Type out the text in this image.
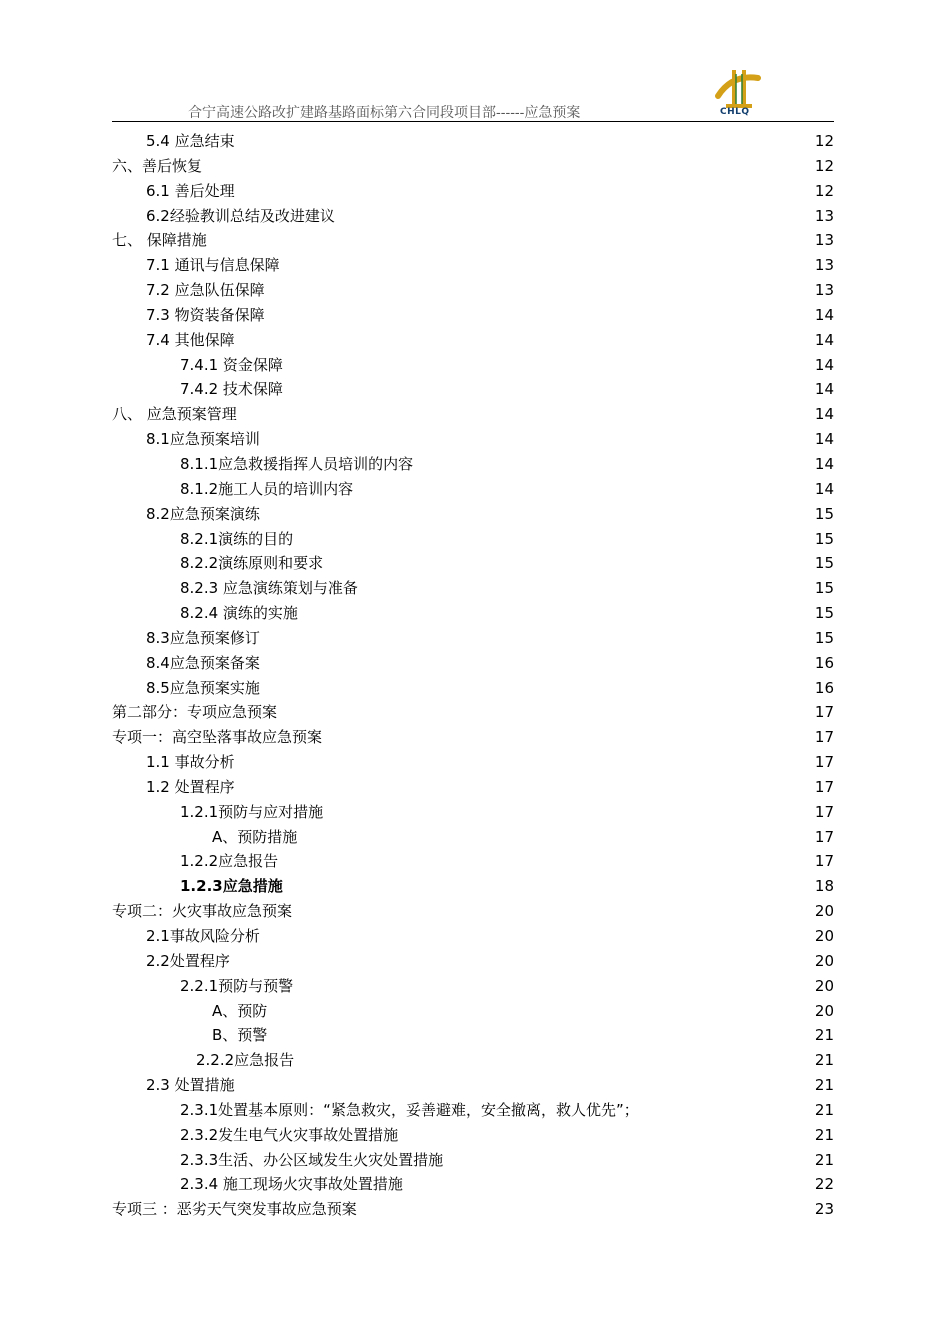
合宁高速公路改扩建路基路面标第六合同段项目部------应急预案	CHLQ
5.4 应急结束	12
六、善后恢复	12
6.1 善后处理	12
6.2经验教训总结及改进建议	13
七、 保障措施	13
7.1 通讯与信息保障	13
7.2 应急队伍保障	13
7.3 物资装备保障	14
7.4 其他保障	14
7.4.1 资金保障	14
7.4.2 技术保障	14
八、 应急预案管理	14
8.1应急预案培训	14
8.1.1应急救援指挥人员培训的内容	14
8.1.2施工人员的培训内容	14
8.2应急预案演练	15
8.2.1演练的目的	15
8.2.2演练原则和要求	15
8.2.3 应急演练策划与准备	15
8.2.4 演练的实施	15
8.3应急预案修订	15
8.4应急预案备案	16
8.5应急预案实施	16
第二部分：专项应急预案	17
专项一：高空坠落事故应急预案	17
1.1 事故分析	17
1.2 处置程序	17
1.2.1预防与应对措施	17
A、预防措施	17
1.2.2应急报告	17
1.2.3应急措施	18
专项二：火灾事故应急预案	20
2.1事故风险分析	20
2.2处置程序	20
2.2.1预防与预警	20
A、预防	20
B、预警	21
2.2.2应急报告	21
2.3 处置措施	21
2.3.1处置基本原则：“紧急救灾，妥善避难，安全撤离，救人优先”；	21
2.3.2发生电气火灾事故处置措施	21
2.3.3生活、办公区域发生火灾处置措施	21
2.3.4 施工现场火灾事故处置措施	22
专项三 ：恶劣天气突发事故应急预案	23
